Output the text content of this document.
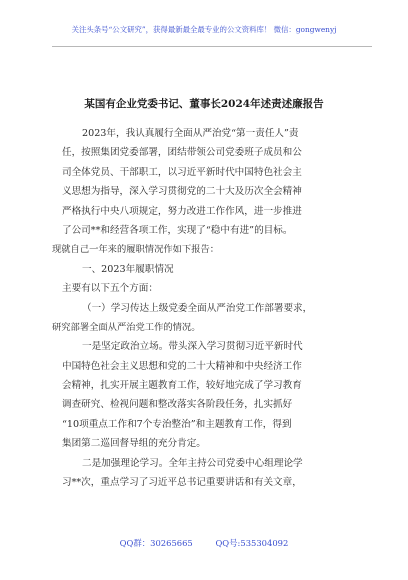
关注头条号“公文研究”，获得最新最全最专业的公文资料库！ 微信：gongwenyj
某国有企业党委书记、董事长2024年述责述廉报告
2023年，我认真履行全面从严治党“第一责任人”责
任，按照集团党委部署，团结带领公司党委班子成员和公
司全体党员、干部职工，以习近平新时代中国特色社会主
义思想为指导，深入学习贯彻党的二十大及历次全会精神
严格执行中央八项规定，努力改进工作作风，进一步推进
了公司**和经营各项工作，实现了“稳中有进”的目标。
现就自己一年来的履职情况作如下报告：
一、2023年履职情况
主要有以下五个方面：
（一）学习传达上级党委全面从严治党工作部署要求，
研究部署全面从严治党工作的情况。
一是坚定政治立场。带头深入学习贯彻习近平新时代
中国特色社会主义思想和党的二十大精神和中央经济工作
会精神，扎实开展主题教育工作，较好地完成了学习教育
调查研究、检视问题和整改落实各阶段任务，扎实抓好
“10项重点工作和7个专治整治”和主题教育工作，得到
集团第二巡回督导组的充分肯定。
二是加强理论学习。全年主持公司党委中心组理论学
习**次，重点学习了习近平总书记重要讲话和有关文章，
QQ群：30265665	QQ号:535304092
